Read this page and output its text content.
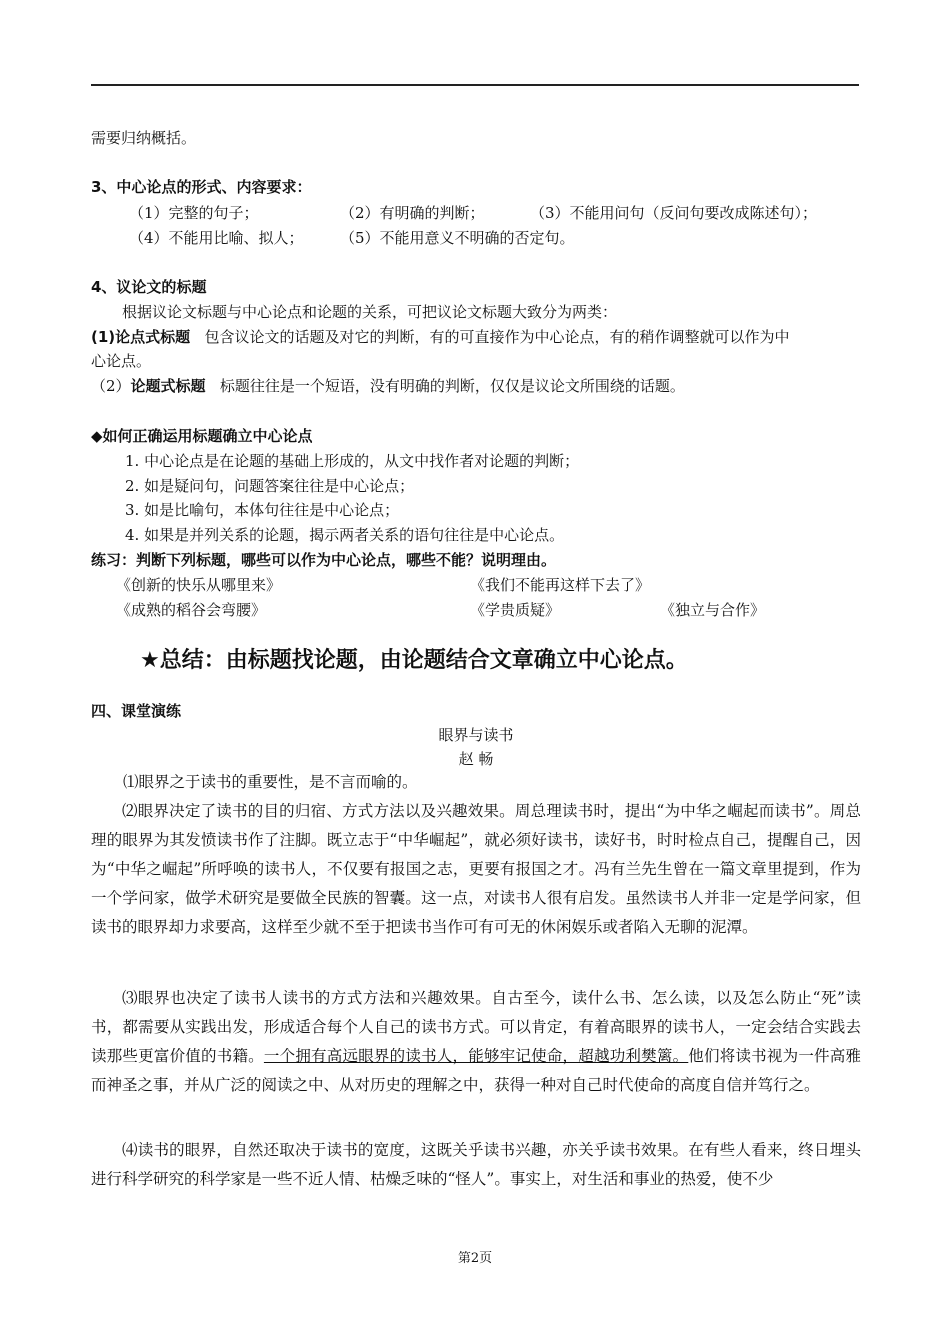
需要归纳概括。
3、中心论点的形式、内容要求：
（1）完整的句子；	（2）有明确的判断；	（3）不能用问句（反问句要改成陈述句）；
（4）不能用比喻、拟人； （5）不能用意义不明确的否定句。
4、议论文的标题
根据议论文标题与中心论点和论题的关系，可把议论文标题大致分为两类：
(1)论点式标题 包含议论文的话题及对它的判断，有的可直接作为中心论点，有的稍作调整就可以作为中
心论点。
（2）论题式标题 标题往往是一个短语，没有明确的判断，仅仅是议论文所围绕的话题。
◆如何正确运用标题确立中心论点
1. 中心论点是在论题的基础上形成的，从文中找作者对论题的判断；
2. 如是疑问句，问题答案往往是中心论点；
3. 如是比喻句，本体句往往是中心论点；
4. 如果是并列关系的论题，揭示两者关系的语句往往是中心论点。
练习：判断下列标题，哪些可以作为中心论点，哪些不能？说明理由。
《创新的快乐从哪里来》	《我们不能再这样下去了》
《成熟的稻谷会弯腰》	《学贵质疑》	《独立与合作》
★总结：由标题找论题，由论题结合文章确立中心论点。
四、课堂演练
眼界与读书
赵 畅
⑴眼界之于读书的重要性，是不言而喻的。
⑵眼界决定了读书的目的归宿、方式方法以及兴趣效果。周总理读书时，提出“为中华之崛起而读书”。周总理的眼界为其发愤读书作了注脚。既立志于“中华崛起”，就必须好读书，读好书，时时检点自己，提醒自己，因为“中华之崛起”所呼唤的读书人，不仅要有报国之志，更要有报国之才。冯有兰先生曾在一篇文章里提到，作为一个学问家，做学术研究是要做全民族的智囊。这一点，对读书人很有启发。虽然读书人并非一定是学问家，但读书的眼界却力求要高，这样至少就不至于把读书当作可有可无的休闲娱乐或者陷入无聊的泥潭。
⑶眼界也决定了读书人读书的方式方法和兴趣效果。自古至今，读什么书、怎么读，以及怎么防止“死”读书，都需要从实践出发，形成适合每个人自己的读书方式。可以肯定，有着高眼界的读书人，一定会结合实践去读那些更富价值的书籍。一个拥有高远眼界的读书人，能够牢记使命，超越功利樊篱。他们将读书视为一件高雅而神圣之事，并从广泛的阅读之中、从对历史的理解之中，获得一种对自己时代使命的高度自信并笃行之。
⑷读书的眼界，自然还取决于读书的宽度，这既关乎读书兴趣，亦关乎读书效果。在有些人看来，终日埋头进行科学研究的科学家是一些不近人情、枯燥乏味的“怪人”。事实上，对生活和事业的热爱，使不少
第2页
